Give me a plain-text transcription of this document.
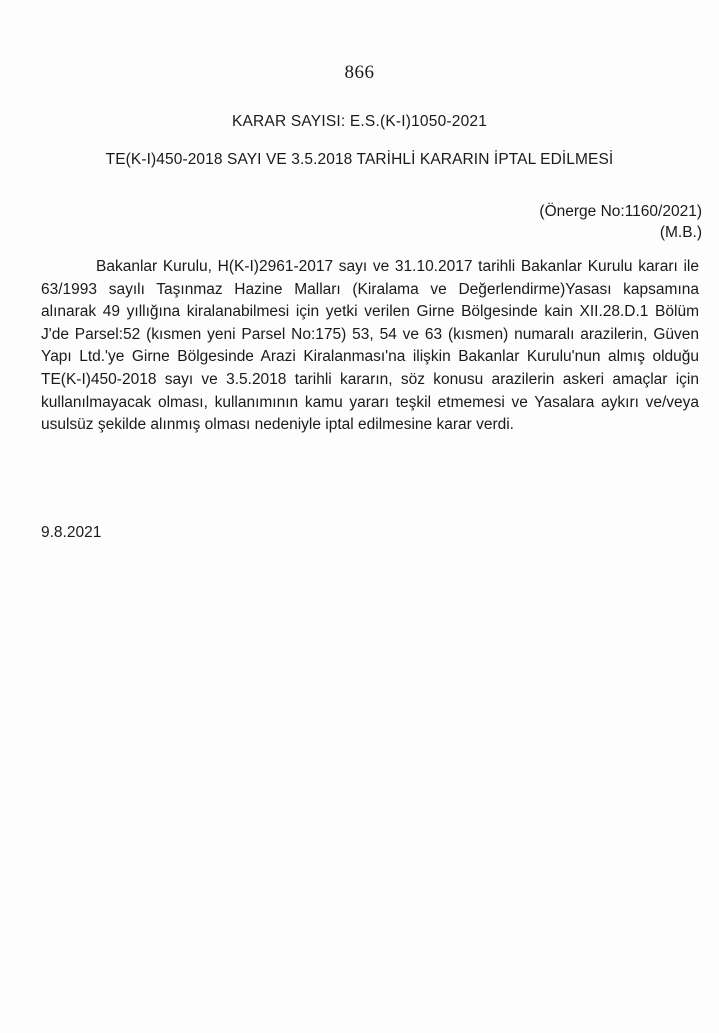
866
KARAR SAYISI: E.S.(K-I)1050-2021
TE(K-I)450-2018 SAYI VE 3.5.2018 TARİHLİ KARARIN İPTAL EDİLMESİ
(Önerge No:1160/2021)
(M.B.)

Bakanlar Kurulu, H(K-I)2961-2017 sayı ve 31.10.2017 tarihli Bakanlar Kurulu kararı ile 63/1993 sayılı Taşınmaz Hazine Malları (Kiralama ve Değerlendirme)Yasası kapsamına alınarak 49 yıllığına kiralanabilmesi için yetki verilen Girne Bölgesinde kain XII.28.D.1 Bölüm J'de Parsel:52 (kısmen yeni Parsel No:175) 53, 54 ve 63 (kısmen) numaralı arazilerin, Güven Yapı Ltd.'ye Girne Bölgesinde Arazi Kiralanması'na ilişkin Bakanlar Kurulu'nun almış olduğu TE(K-I)450-2018 sayı ve 3.5.2018 tarihli kararın, söz konusu arazilerin askeri amaçlar için kullanılmayacak olması, kullanımının kamu yararı teşkil etmemesi ve Yasalara aykırı ve/veya usulsüz şekilde alınmış olması nedeniyle iptal edilmesine karar verdi.

9.8.2021
